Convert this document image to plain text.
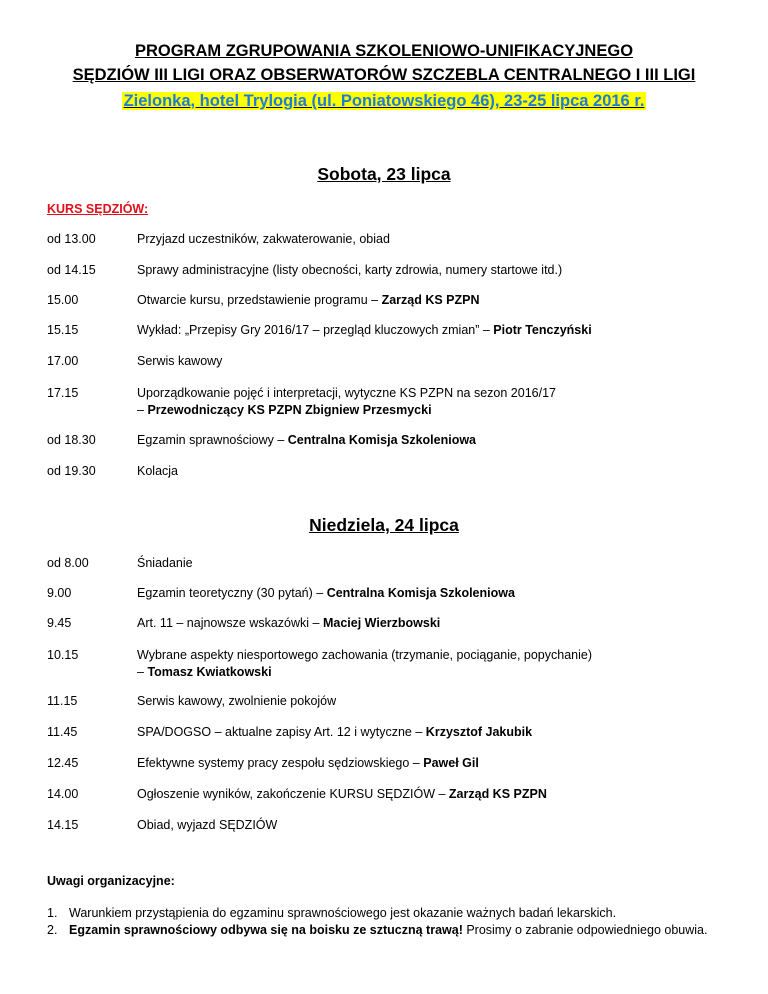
PROGRAM ZGRUPOWANIA SZKOLENIOWO-UNIFIKACYJNEGO
SĘDZIÓW III LIGI ORAZ OBSERWATORÓW SZCZEBLA CENTRALNEGO I III LIGI
Zielonka, hotel Trylogia (ul. Poniatowskiego 46), 23-25 lipca 2016 r.
Sobota, 23 lipca
KURS SĘDZIÓW:
od 13.00	Przyjazd uczestników, zakwaterowanie, obiad
od 14.15	Sprawy administracyjne (listy obecności, karty zdrowia, numery startowe itd.)
15.00	Otwarcie kursu, przedstawienie programu – Zarząd KS PZPN
15.15	Wykład: „Przepisy Gry 2016/17 – przegląd kluczowych zmian” – Piotr Tenczyński
17.00	Serwis kawowy
17.15	Uporządkowanie pojęć i interpretacji, wytyczne KS PZPN na sezon 2016/17
– Przewodniczący KS PZPN Zbigniew Przesmycki
od 18.30	Egzamin sprawnościowy – Centralna Komisja Szkoleniowa
od 19.30	Kolacja
Niedziela, 24 lipca
od 8.00	Śniadanie
9.00	Egzamin teoretyczny (30 pytań) – Centralna Komisja Szkoleniowa
9.45	Art. 11 – najnowsze wskazówki – Maciej Wierzbowski
10.15	Wybrane aspekty niesportowego zachowania (trzymanie, pociąganie, popychanie)
– Tomasz Kwiatkowski
11.15	Serwis kawowy, zwolnienie pokojów
11.45	SPA/DOGSO – aktualne zapisy Art. 12 i wytyczne – Krzysztof Jakubik
12.45	Efektywne systemy pracy zespołu sędziowskiego – Paweł Gil
14.00	Ogłoszenie wyników, zakończenie KURSU SĘDZIÓW – Zarząd KS PZPN
14.15	Obiad, wyjazd SĘDZIÓW
Uwagi organizacyjne:
1. Warunkiem przystąpienia do egzaminu sprawnościowego jest okazanie ważnych badań lekarskich.
2. Egzamin sprawnościowy odbywa się na boisku ze sztuczną trawą! Prosimy o zabranie odpowiedniego obuwia.
